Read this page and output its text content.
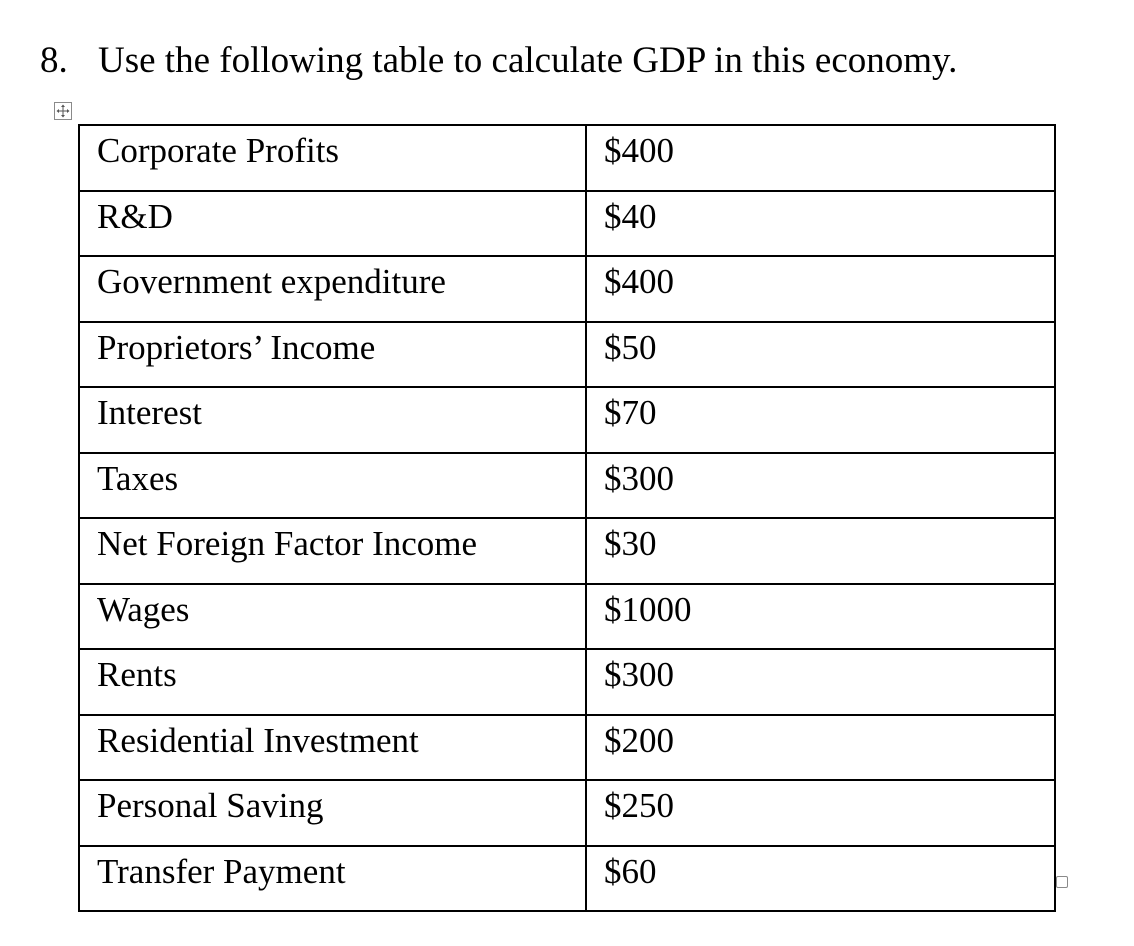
8. Use the following table to calculate GDP in this economy.
Corporate Profits	$400
R&D	$40
Government expenditure	$400
Proprietors’ Income	$50
Interest	$70
Taxes	$300
Net Foreign Factor Income	$30
Wages	$1000
Rents	$300
Residential Investment	$200
Personal Saving	$250
Transfer Payment	$60
